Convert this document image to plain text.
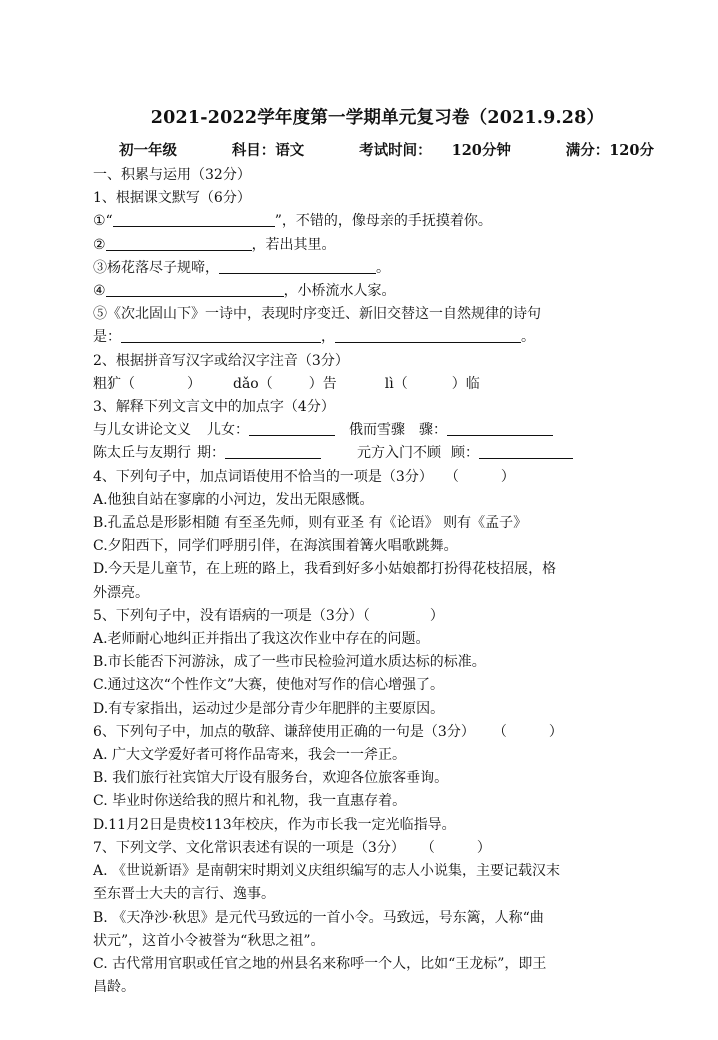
2021-2022学年度第一学期单元复习卷（2021.9.28）
初一年级	科目：语文	考试时间： 120分钟	满分：120分
一、积累与运用（32分）
1、根据课文默写（6分）
①“	”，不错的，像母亲的手抚摸着你。
②	，若出其里。
③杨花落尽子规啼，	。
④	，小桥流水人家。
⑤《次北固山下》一诗中，表现时序变迁、新旧交替这一自然规律的诗句
是：	，	。
2、根据拼音写汉字或给汉字注音（3分）
粗犷（	） dǎo（	）告	lì（	）临
3、解释下列文言文中的加点字（4分）
与儿女讲论文义 儿女：	俄而雪骤 骤：
陈太丘与友期行 期：	元方入门不顾 顾：
4、下列句子中，加点词语使用不恰当的一项是（3分） （　　　）
A.他独自站在寥廓的小河边，发出无限感慨。
B.孔孟总是形影相随 有至圣先师，则有亚圣 有《论语》 则有《孟子》
C.夕阳西下，同学们呼朋引伴，在海滨围着篝火唱歌跳舞。
D.今天是儿童节，在上班的路上，我看到好多小姑娘都打扮得花枝招展，格
外漂亮。
5、下列句子中，没有语病的一项是（3分）（	）
A.老师耐心地纠正并指出了我这次作业中存在的问题。
B.市长能否下河游泳，成了一些市民检验河道水质达标的标准。
C.通过这次“个性作文”大赛，使他对写作的信心增强了。
D.有专家指出，运动过少是部分青少年肥胖的主要原因。
6、下列句子中，加点的敬辞、谦辞使用正确的一句是（3分） （　　　）
A. 广大文学爱好者可将作品寄来，我会一一斧正。
B. 我们旅行社宾馆大厅设有服务台，欢迎各位旅客垂询。
C. 毕业时你送给我的照片和礼物，我一直惠存着。
D.11月2日是贵校113年校庆，作为市长我一定光临指导。
7、下列文学、文化常识表述有误的一项是（3分） （　　　）
A. 《世说新语》是南朝宋时期刘义庆组织编写的志人小说集，主要记载汉末
至东晋士大夫的言行、逸事。
B. 《天净沙·秋思》是元代马致远的一首小令。马致远，号东篱，人称“曲
状元”，这首小令被誉为“秋思之祖”。
C. 古代常用官职或任官之地的州县名来称呼一个人，比如“王龙标”，即王
昌龄。
